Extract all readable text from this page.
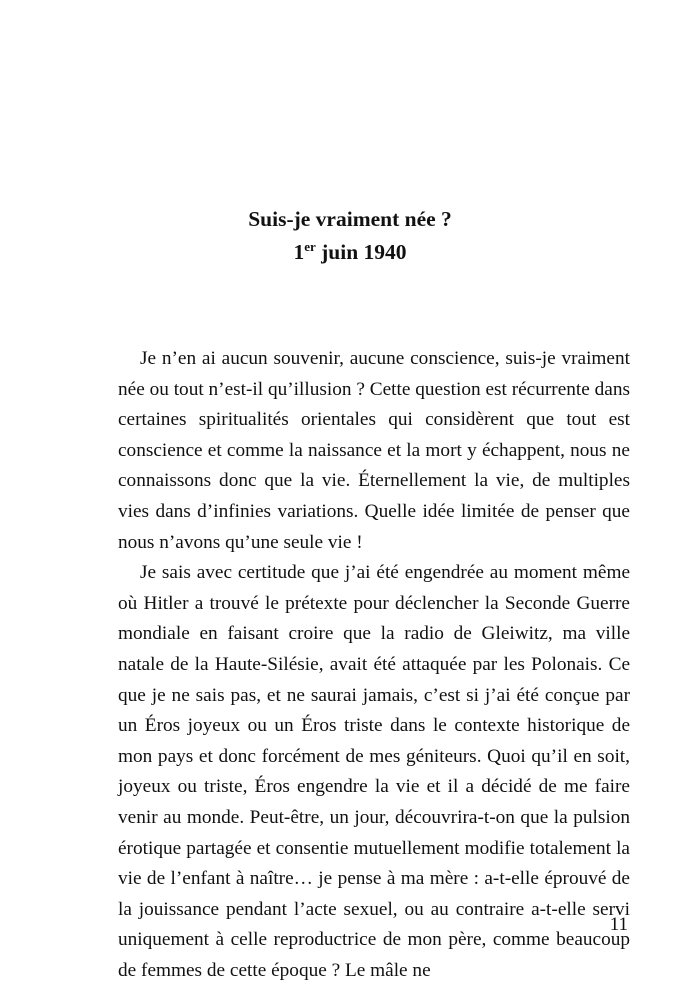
Suis-je vraiment née ?
1er juin 1940

Je n’en ai aucun souvenir, aucune conscience, suis-je vraiment née ou tout n’est-il qu’illusion ? Cette question est récurrente dans certaines spiritualités orientales qui considèrent que tout est conscience et comme la naissance et la mort y échappent, nous ne connaissons donc que la vie. Éternellement la vie, de multiples vies dans d’infinies variations. Quelle idée limitée de penser que nous n’avons qu’une seule vie !

Je sais avec certitude que j’ai été engendrée au moment même où Hitler a trouvé le prétexte pour déclencher la Seconde Guerre mondiale en faisant croire que la radio de Gleiwitz, ma ville natale de la Haute-Silésie, avait été attaquée par les Polonais. Ce que je ne sais pas, et ne saurai jamais, c’est si j’ai été conçue par un Éros joyeux ou un Éros triste dans le contexte historique de mon pays et donc forcément de mes géniteurs. Quoi qu’il en soit, joyeux ou triste, Éros engendre la vie et il a décidé de me faire venir au monde. Peut-être, un jour, découvrira-t-on que la pulsion érotique partagée et consentie mutuellement modifie totalement la vie de l’enfant à naître… je pense à ma mère : a-t-elle éprouvé de la jouissance pendant l’acte sexuel, ou au contraire a-t-elle servi uniquement à celle reproductrice de mon père, comme beaucoup de femmes de cette époque ? Le mâle ne

11
